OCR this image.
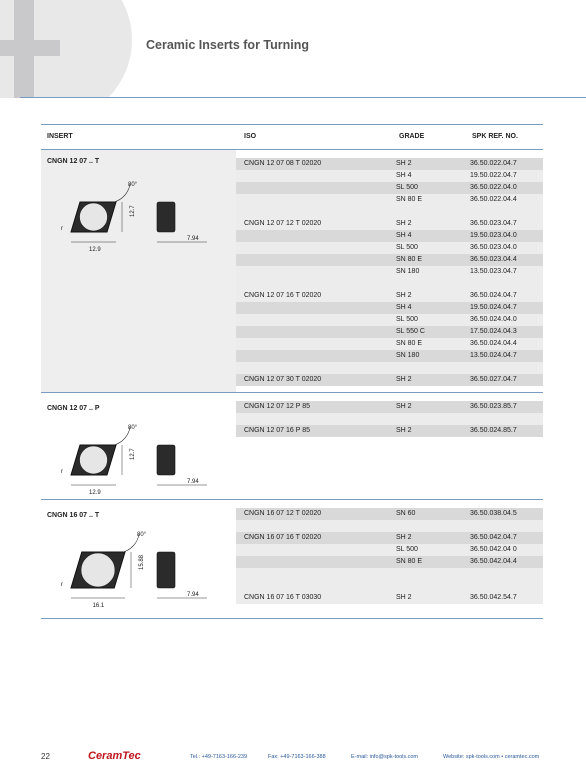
Ceramic Inserts for Turning
INSERT	ISO	GRADE	SPK REF. NO.
CNGN 12 07 .. T
80°
12.7
12.9
r
7.94
CNGN 12 07 08 T 02020	SH 2	36.50.022.04.7
SH 4	19.50.022.04.7
SL 500	36.50.022.04.0
SN 80 E	36.50.022.04.4
CNGN 12 07 12 T 02020	SH 2	36.50.023.04.7
SH 4	19.50.023.04.0
SL 500	36.50.023.04.0
SN 80 E	36.50.023.04.4
SN 180	13.50.023.04.7
CNGN 12 07 16 T 02020	SH 2	36.50.024.04.7
SH 4	19.50.024.04.7
SL 500	36.50.024.04.0
SL 550 C	17.50.024.04.3
SN 80 E	36.50.024.04.4
SN 180	13.50.024.04.7
CNGN 12 07 30 T 02020	SH 2	36.50.027.04.7
CNGN 12 07 .. P
80°
12.7
12.9
r
7.94
CNGN 12 07 12 P 85	SH 2	36.50.023.85.7
CNGN 12 07 16 P 85	SH 2	36.50.024.85.7
CNGN 16 07 .. T
80°
15.88
16.1
r
7.94
CNGN 16 07 12 T 02020	SN 60	36.50.038.04.5
CNGN 16 07 16 T 02020	SH 2	36.50.042.04.7
SL 500	36.50.042.04 0
SN 80 E	36.50.042.04.4
CNGN 16 07 16 T 03030	SH 2	36.50.042.54.7
22	CeramTec	Tel.: +49-7163-166-239	Fax: +49-7163-166-388	E-mail: info@spk-tools.com	Website: spk-tools.com • ceramtec.com
